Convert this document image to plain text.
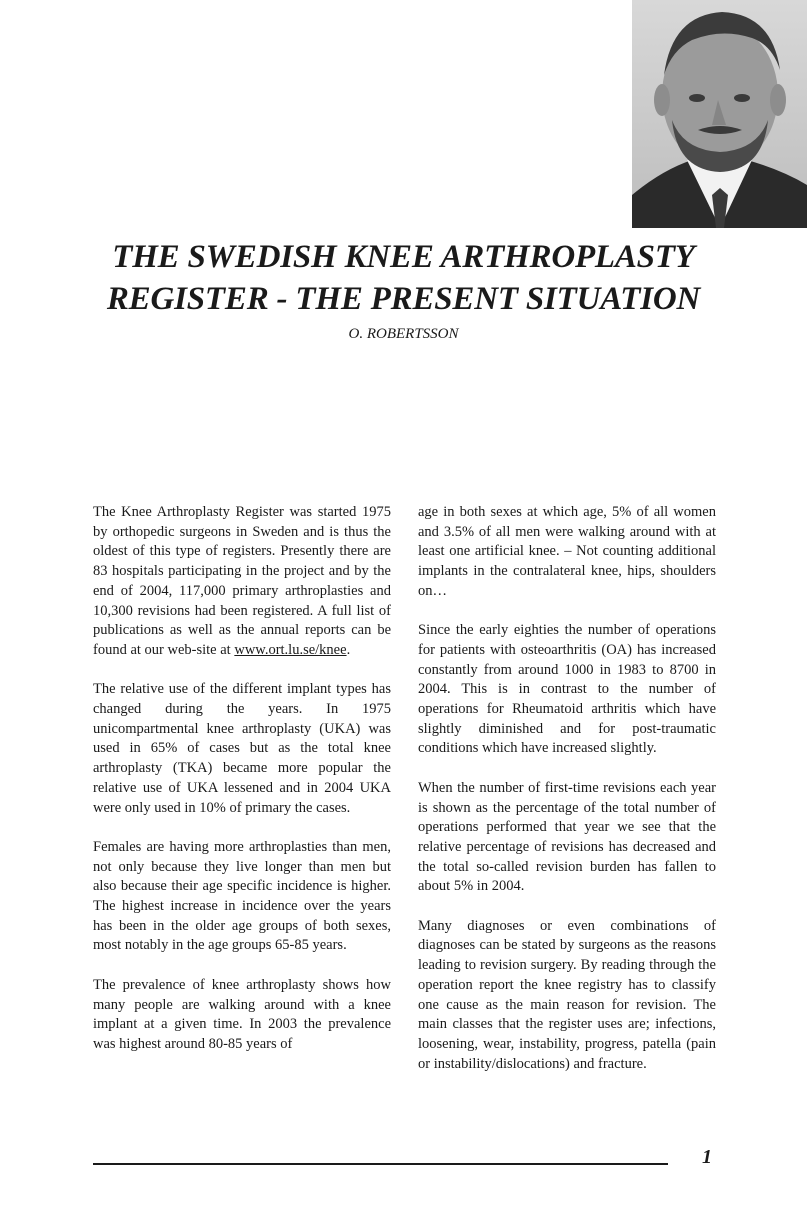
THE SWEDISH KNEE ARTHROPLASTY
REGISTER - THE PRESENT SITUATION
O. ROBERTSSON

The Knee Arthroplasty Register was started 1975 by orthopedic surgeons in Sweden and is thus the oldest of this type of registers. Presently there are 83 hospitals participating in the project and by the end of 2004, 117,000 primary arthroplasties and 10,300 revisions had been registered. A full list of publications as well as the annual reports can be found at our web-site at www.ort.lu.se/knee.

The relative use of the different implant types has changed during the years. In 1975 unicompartmental knee arthroplasty (UKA) was used in 65% of cases but as the total knee arthroplasty (TKA) became more popular the relative use of UKA lessened and in 2004 UKA were only used in 10% of primary the cases.

Females are having more arthroplasties than men, not only because they live longer than men but also because their age specific incidence is higher. The highest increase in incidence over the years has been in the older age groups of both sexes, most notably in the age groups 65-85 years.

The prevalence of knee arthroplasty shows how many people are walking around with a knee implant at a given time. In 2003 the prevalence was highest around 80-85 years of

age in both sexes at which age, 5% of all women and 3.5% of all men were walking around with at least one artificial knee. – Not counting additional implants in the contralateral knee, hips, shoulders on…

Since the early eighties the number of operations for patients with osteoarthritis (OA) has increased constantly from around 1000 in 1983 to 8700 in 2004. This is in contrast to the number of operations for Rheumatoid arthritis which have slightly diminished and for post-traumatic conditions which have increased slightly.

When the number of first-time revisions each year is shown as the percentage of the total number of operations performed that year we see that the relative percentage of revisions has decreased and the total so-called revision burden has fallen to about 5% in 2004.

Many diagnoses or even combinations of diagnoses can be stated by surgeons as the reasons leading to revision surgery. By reading through the operation report the knee registry has to classify one cause as the main reason for revision. The main classes that the register uses are; infections, loosening, wear, instability, progress, patella (pain or instability/dislocations) and fracture.

1
